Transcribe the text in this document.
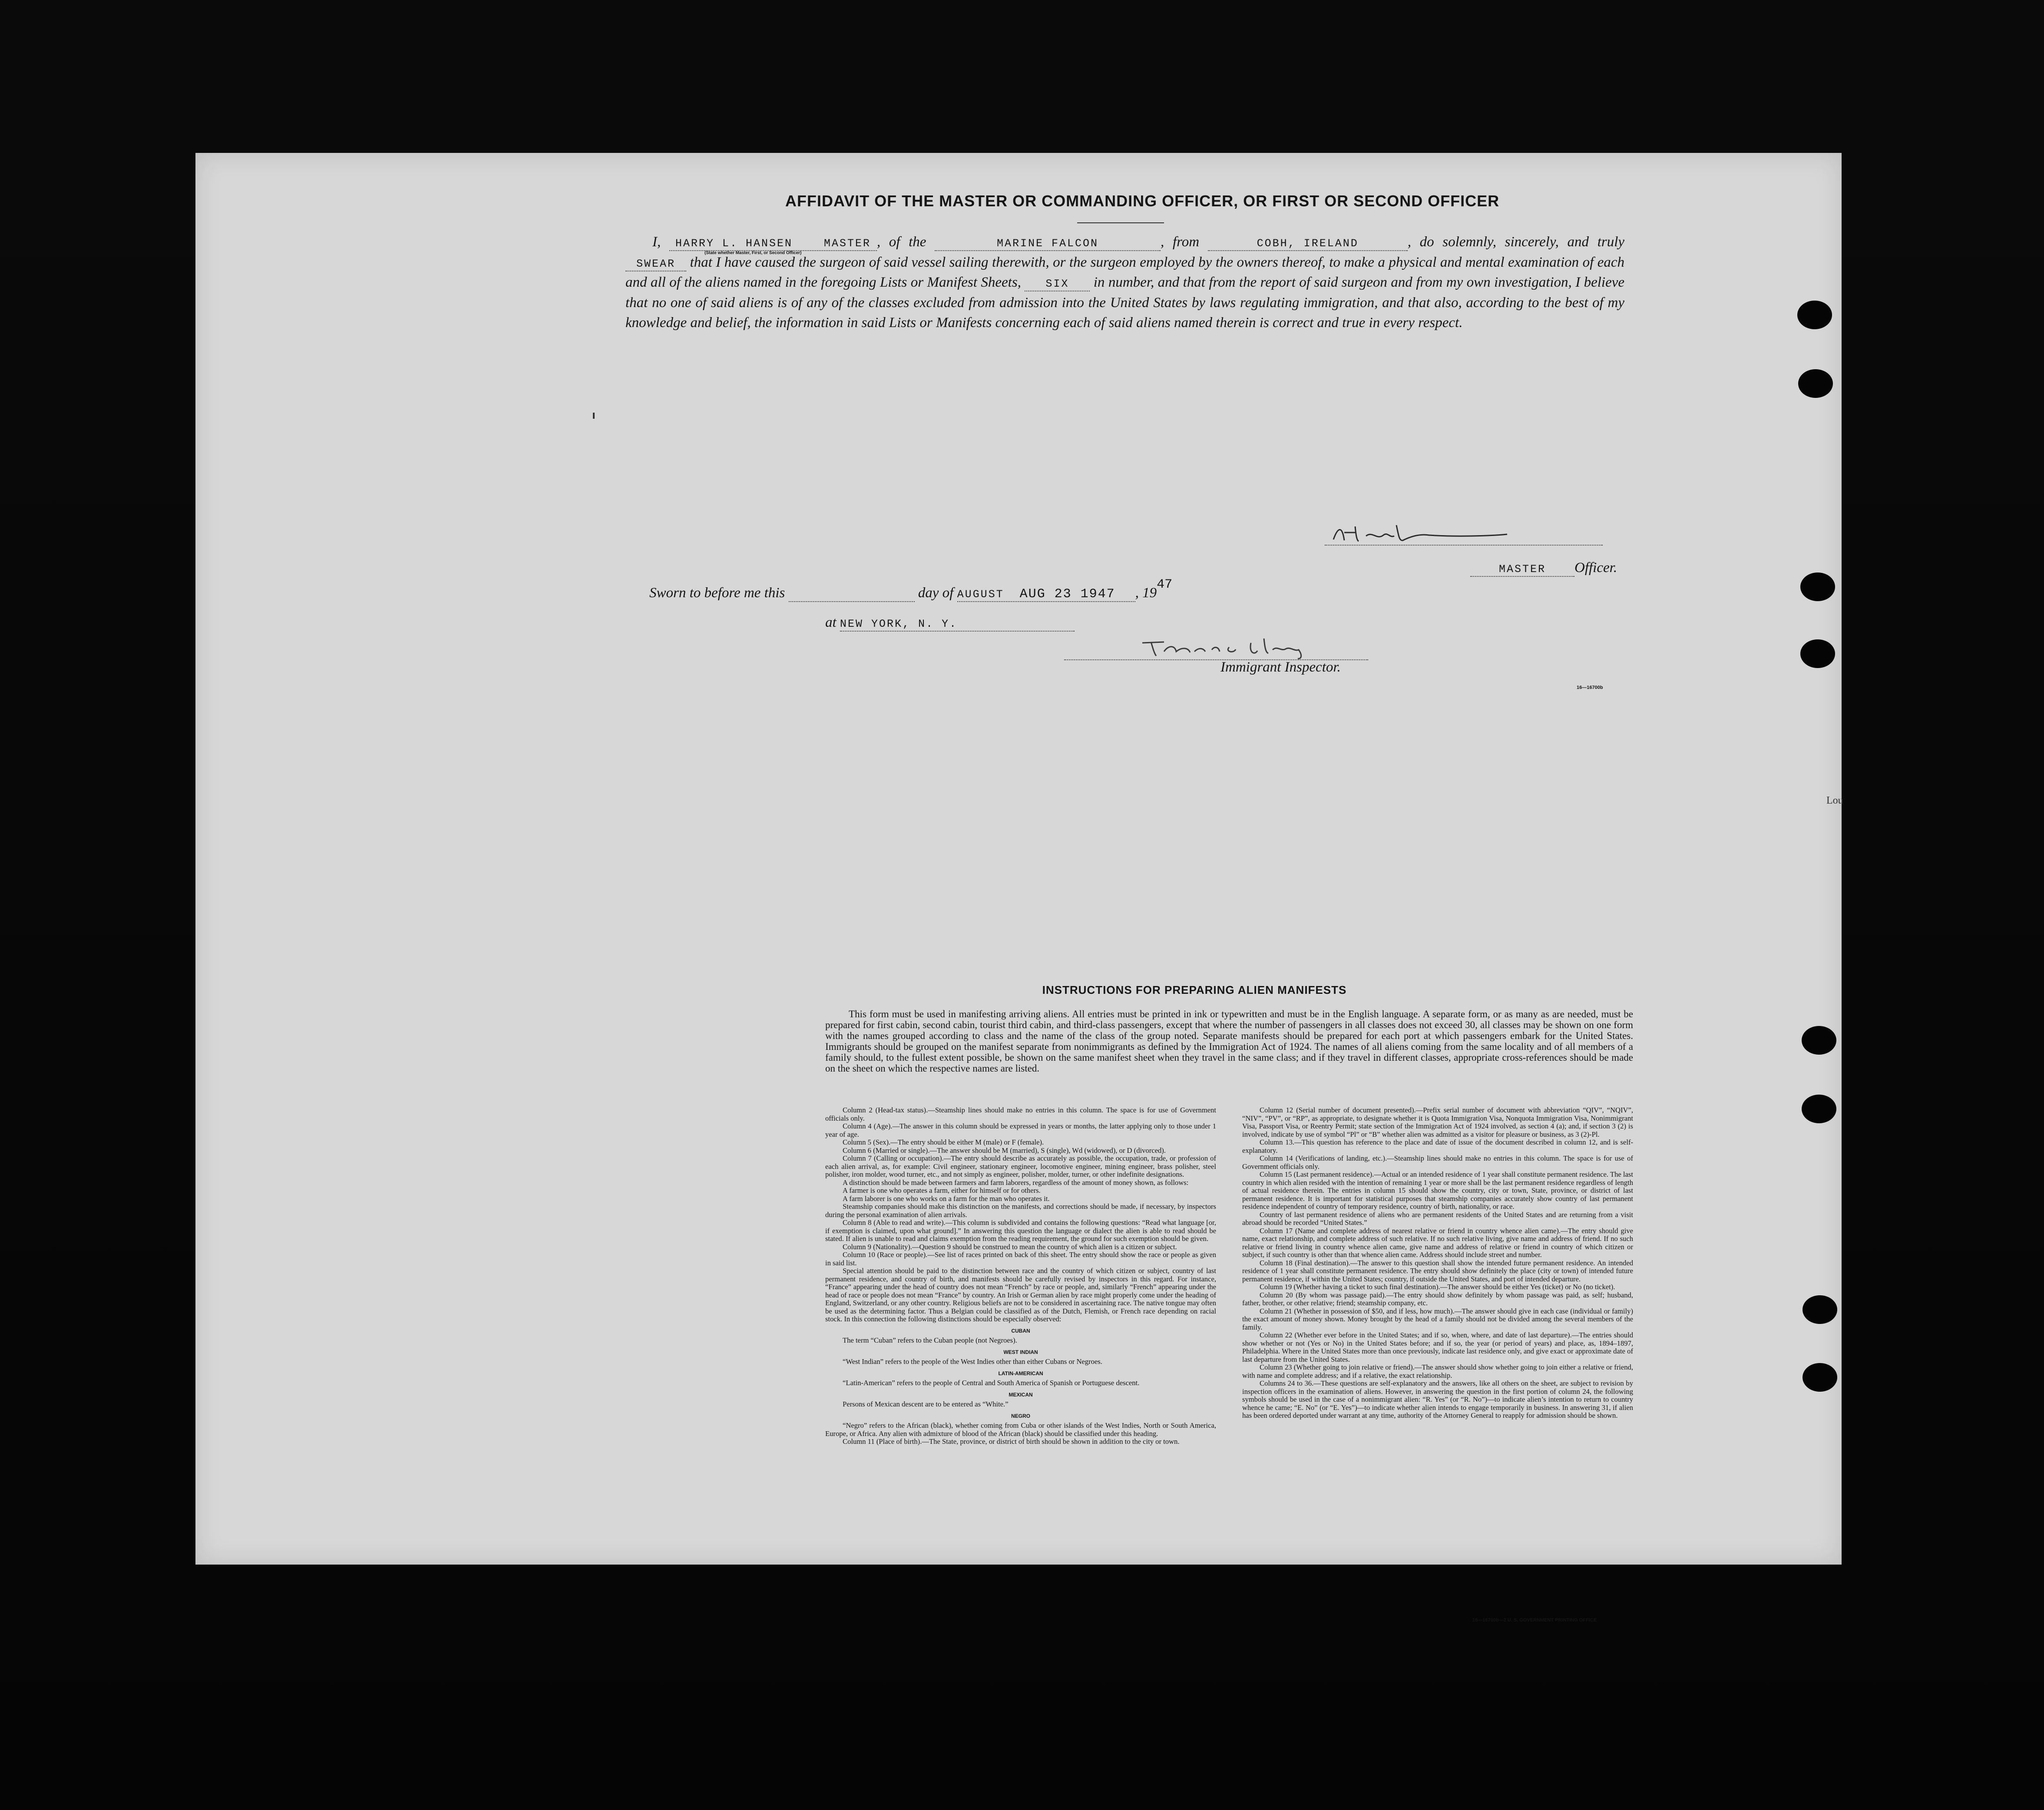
AFFIDAVIT OF THE MASTER OR COMMANDING OFFICER, OR FIRST OR SECOND OFFICER
I, HARRY L. HANSEN	MASTER , of the	MARINE FALCON	, from	COBH, IRELAND	, do solemnly, sincerely, and truly SWEAR that I have caused the surgeon of said vessel sailing therewith, or the surgeon employed by the owners thereof, to make a physical and mental examination of each and all of the aliens named in the foregoing Lists or Manifest Sheets, SIX in number, and that from the report of said surgeon and from my own investigation, I believe that no one of said aliens is of any of the classes excluded from admission into the United States by laws regulating immigration, and that also, according to the best of my knowledge and belief, the information in said Lists or Manifests concerning each of said aliens named therein is correct and true in every respect.
(State whether Master, First, or Second Officer)
MASTER Officer.
Sworn to before me this	day of AUGUST AUG 23 1947 , 1947
at NEW YORK, N. Y.
Immigrant Inspector.
16—16700b
Lou
INSTRUCTIONS FOR PREPARING ALIEN MANIFESTS
This form must be used in manifesting arriving aliens. All entries must be printed in ink or typewritten and must be in the English language. A separate form, or as many as are needed, must be prepared for first cabin, second cabin, tourist third cabin, and third-class passengers, except that where the number of passengers in all classes does not exceed 30, all classes may be shown on one form with the names grouped according to class and the name of the class of the group noted. Separate manifests should be prepared for each port at which passengers embark for the United States. Immigrants should be grouped on the manifest separate from nonimmigrants as defined by the Immigration Act of 1924. The names of all aliens coming from the same locality and of all members of a family should, to the fullest extent possible, be shown on the same manifest sheet when they travel in the same class; and if they travel in different classes, appropriate cross-references should be made on the sheet on which the respective names are listed.

Column 2 (Head-tax status).—Steamship lines should make no entries in this column. The space is for use of Government officials only.

Column 4 (Age).—The answer in this column should be expressed in years or months, the latter applying only to those under 1 year of age.

Column 5 (Sex).—The entry should be either M (male) or F (female).

Column 6 (Married or single).—The answer should be M (married), S (single), Wd (widowed), or D (divorced).

Column 7 (Calling or occupation).—The entry should describe as accurately as possible, the occupation, trade, or profession of each alien arrival, as, for example: Civil engineer, stationary engineer, locomotive engineer, mining engineer, brass polisher, steel polisher, iron molder, wood turner, etc., and not simply as engineer, polisher, molder, turner, or other indefinite designations.

A distinction should be made between farmers and farm laborers, regardless of the amount of money shown, as follows:

A farmer is one who operates a farm, either for himself or for others.

A farm laborer is one who works on a farm for the man who operates it.

Steamship companies should make this distinction on the manifests, and corrections should be made, if necessary, by inspectors during the personal examination of alien arrivals.

Column 8 (Able to read and write).—This column is subdivided and contains the following questions: “Read what language [or, if exemption is claimed, upon what ground].” In answering this question the language or dialect the alien is able to read should be stated. If alien is unable to read and claims exemption from the reading requirement, the ground for such exemption should be given.

Column 9 (Nationality).—Question 9 should be construed to mean the country of which alien is a citizen or subject.

Column 10 (Race or people).—See list of races printed on back of this sheet. The entry should show the race or people as given in said list.

Special attention should be paid to the distinction between race and the country of which citizen or subject, country of last permanent residence, and country of birth, and manifests should be carefully revised by inspectors in this regard. For instance, “France” appearing under the head of country does not mean “French” by race or people, and, similarly “French” appearing under the head of race or people does not mean “France” by country. An Irish or German alien by race might properly come under the heading of England, Switzerland, or any other country. Religious beliefs are not to be considered in ascertaining race. The native tongue may often be used as the determining factor. Thus a Belgian could be classified as of the Dutch, Flemish, or French race depending on racial stock. In this connection the following distinctions should be especially observed:

CUBAN

The term “Cuban” refers to the Cuban people (not Negroes).

WEST INDIAN

“West Indian” refers to the people of the West Indies other than either Cubans or Negroes.

LATIN-AMERICAN

“Latin-American” refers to the people of Central and South America of Spanish or Portuguese descent.

MEXICAN

Persons of Mexican descent are to be entered as “White.”

NEGRO

“Negro” refers to the African (black), whether coming from Cuba or other islands of the West Indies, North or South America, Europe, or Africa. Any alien with admixture of blood of the African (black) should be classified under this heading.

Column 11 (Place of birth).—The State, province, or district of birth should be shown in addition to the city or town.

Column 12 (Serial number of document presented).—Prefix serial number of document with abbreviation “QIV”, “NQIV”, “NIV”, “PV”, or “RP”, as appropriate, to designate whether it is Quota Immigration Visa, Nonquota Immigration Visa, Nonimmigrant Visa, Passport Visa, or Reentry Permit; state section of the Immigration Act of 1924 involved, as section 4 (a); and, if section 3 (2) is involved, indicate by use of symbol “Pl” or “B” whether alien was admitted as a visitor for pleasure or business, as 3 (2)-Pl.

Column 13.—This question has reference to the place and date of issue of the document described in column 12, and is self-explanatory.

Column 14 (Verifications of landing, etc.).—Steamship lines should make no entries in this column. The space is for use of Government officials only.

Column 15 (Last permanent residence).—Actual or an intended residence of 1 year shall constitute permanent residence. The last country in which alien resided with the intention of remaining 1 year or more shall be the last permanent residence regardless of length of actual residence therein. The entries in column 15 should show the country, city or town, State, province, or district of last permanent residence. It is important for statistical purposes that steamship companies accurately show country of last permanent residence independent of country of temporary residence, country of birth, nationality, or race.

Country of last permanent residence of aliens who are permanent residents of the United States and are returning from a visit abroad should be recorded “United States.”

Column 17 (Name and complete address of nearest relative or friend in country whence alien came).—The entry should give name, exact relationship, and complete address of such relative. If no such relative living, give name and address of friend. If no such relative or friend living in country whence alien came, give name and address of relative or friend in country of which citizen or subject, if such country is other than that whence alien came. Address should include street and number.

Column 18 (Final destination).—The answer to this question shall show the intended future permanent residence. An intended residence of 1 year shall constitute permanent residence. The entry should show definitely the place (city or town) of intended future permanent residence, if within the United States; country, if outside the United States, and port of intended departure.

Column 19 (Whether having a ticket to such final destination).—The answer should be either Yes (ticket) or No (no ticket).

Column 20 (By whom was passage paid).—The entry should show definitely by whom passage was paid, as self; husband, father, brother, or other relative; friend; steamship company, etc.

Column 21 (Whether in possession of $50, and if less, how much).—The answer should give in each case (individual or family) the exact amount of money shown. Money brought by the head of a family should not be divided among the several members of the family.

Column 22 (Whether ever before in the United States; and if so, when, where, and date of last departure).—The entries should show whether or not (Yes or No) in the United States before; and if so, the year (or period of years) and place, as, 1894–1897, Philadelphia. Where in the United States more than once previously, indicate last residence only, and give exact or approximate date of last departure from the United States.

Column 23 (Whether going to join relative or friend).—The answer should show whether going to join either a relative or friend, with name and complete address; and if a relative, the exact relationship.

Columns 24 to 36.—These questions are self-explanatory and the answers, like all others on the sheet, are subject to revision by inspection officers in the examination of aliens. However, in answering the question in the first portion of column 24, the following symbols should be used in the case of a nonimmigrant alien: “R. Yes” (or “R. No”)—to indicate alien’s intention to return to country whence he came; “E. No” (or “E. Yes”)—to indicate whether alien intends to engage temporarily in business. In answering 31, if alien has been ordered deported under warrant at any time, authority of the Attorney General to reapply for admission should be shown.

16—16700b—2 U. S. GOVERNMENT PRINTING OFFICE
